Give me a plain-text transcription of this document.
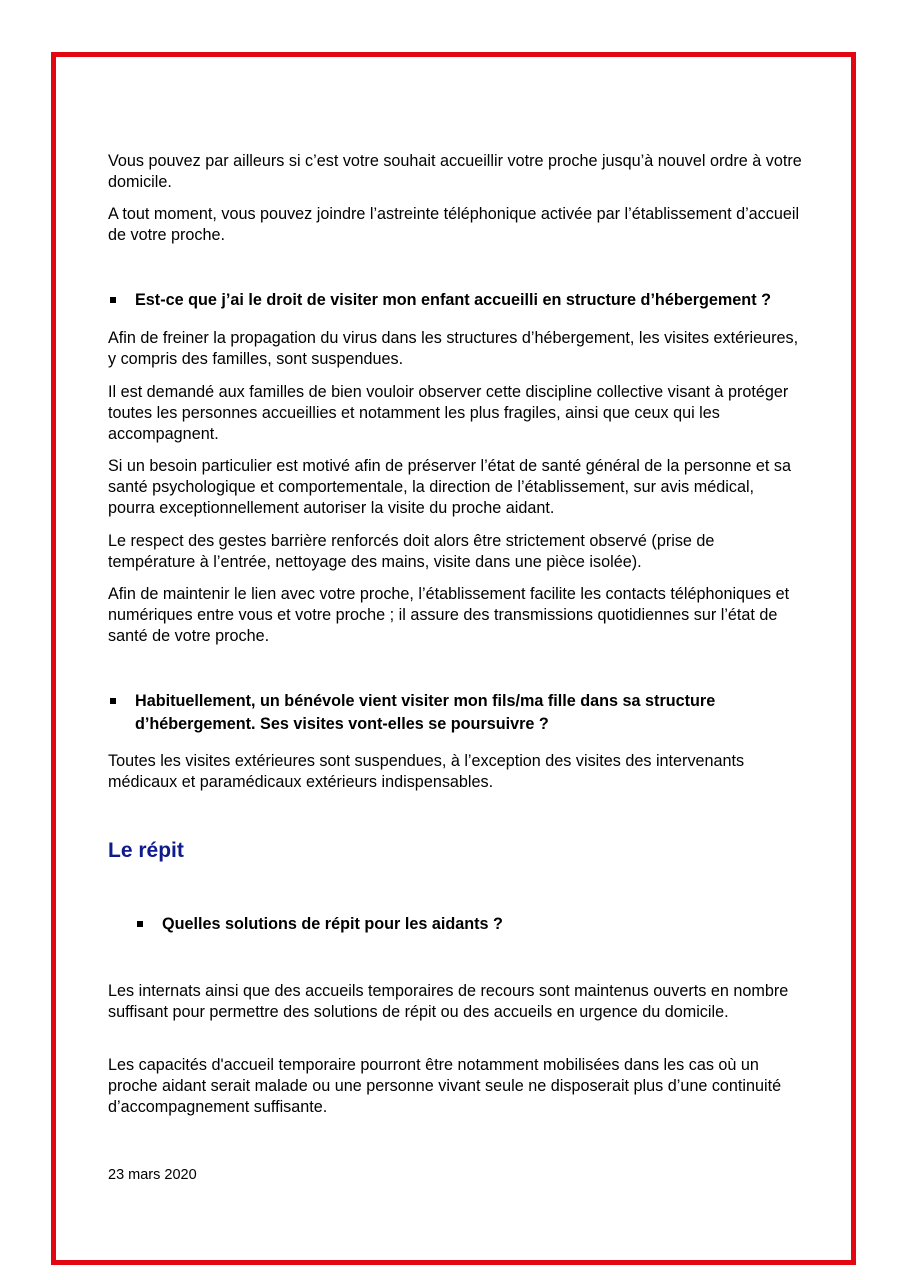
Vous pouvez par ailleurs si c’est votre souhait accueillir votre proche jusqu’à nouvel ordre à votre domicile.

A tout moment, vous pouvez joindre l’astreinte téléphonique activée par l’établissement d’accueil de votre proche.

Est-ce que j’ai le droit de visiter mon enfant accueilli en structure d’hébergement ?

Afin de freiner la propagation du virus dans les structures d’hébergement, les visites extérieures, y compris des familles, sont suspendues.

Il est demandé aux familles de bien vouloir observer cette discipline collective visant à protéger toutes les personnes accueillies et notamment les plus fragiles, ainsi que ceux qui les accompagnent.

Si un besoin particulier est motivé afin de préserver l’état de santé général de la personne et sa santé psychologique et comportementale, la direction de l’établissement, sur avis médical, pourra exceptionnellement autoriser la visite du proche aidant.

Le respect des gestes barrière renforcés doit alors être strictement observé (prise de température à l’entrée, nettoyage des mains, visite dans une pièce isolée).

Afin de maintenir le lien avec votre proche, l’établissement facilite les contacts téléphoniques et numériques entre vous et votre proche ; il assure des transmissions quotidiennes sur l’état de santé de votre proche.

Habituellement, un bénévole vient visiter mon fils/ma fille dans sa structure d’hébergement. Ses visites vont-elles se poursuivre ?

Toutes les visites extérieures sont suspendues, à l’exception des visites des intervenants médicaux et paramédicaux extérieurs indispensables.

Le répit

Quelles solutions de répit pour les aidants ?

Les internats ainsi que des accueils temporaires de recours sont maintenus ouverts en nombre suffisant pour permettre des solutions de répit ou des accueils en urgence du domicile.

Les capacités d'accueil temporaire pourront être notamment mobilisées dans les cas où un proche aidant serait malade ou une personne vivant seule ne disposerait plus d’une continuité d’accompagnement suffisante.

23 mars 2020
